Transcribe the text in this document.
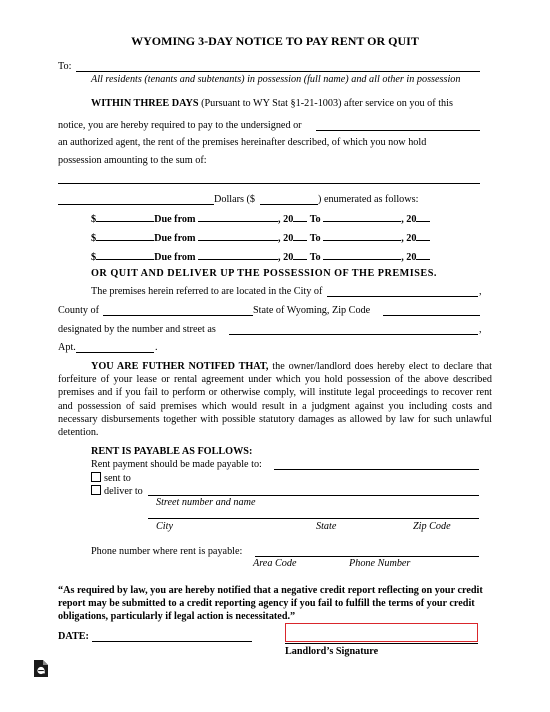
WYOMING 3-DAY NOTICE TO PAY RENT OR QUIT
To:
All residents (tenants and subtenants) in possession (full name) and all other in possession
WITHIN THREE DAYS (Pursuant to WY Stat §1-21-1003) after service on you of this
notice, you are hereby required to pay to the undersigned or
an authorized agent, the rent of the premises hereinafter described, of which you now hold
possession amounting to the sum of:
Dollars ($	) enumerated as follows:
$	Due from	, 20 To	, 20
$	Due from	, 20 To	, 20
$	Due from	, 20 To	, 20
OR QUIT AND DELIVER UP THE POSSESSION OF THE PREMISES.
The premises herein referred to are located in the City of	,
County of	State of Wyoming, Zip Code
designated by the number and street as	,
Apt.	.
YOU ARE FUTHER NOTIFED THAT, the owner/landlord does hereby elect to declare that forfeiture of your lease or rental agreement under which you hold possession of the above described premises and if you fail to perform or otherwise comply, will institute legal proceedings to recover rent and possession of said premises which would result in a judgment against you including costs and necessary disbursements together with possible statutory damages as allowed by law for such unlawful detention.
RENT IS PAYABLE AS FOLLOWS:
Rent payment should be made payable to:
sent to
deliver to
Street number and name
City	State	Zip Code
Phone number where rent is payable:
Area Code	Phone Number
“As required by law, you are hereby notified that a negative credit report reflecting on your credit report may be submitted to a credit reporting agency if you fail to fulfill the terms of your credit obligations, particularly if legal action is necessitated.”
DATE:
Landlord’s Signature
